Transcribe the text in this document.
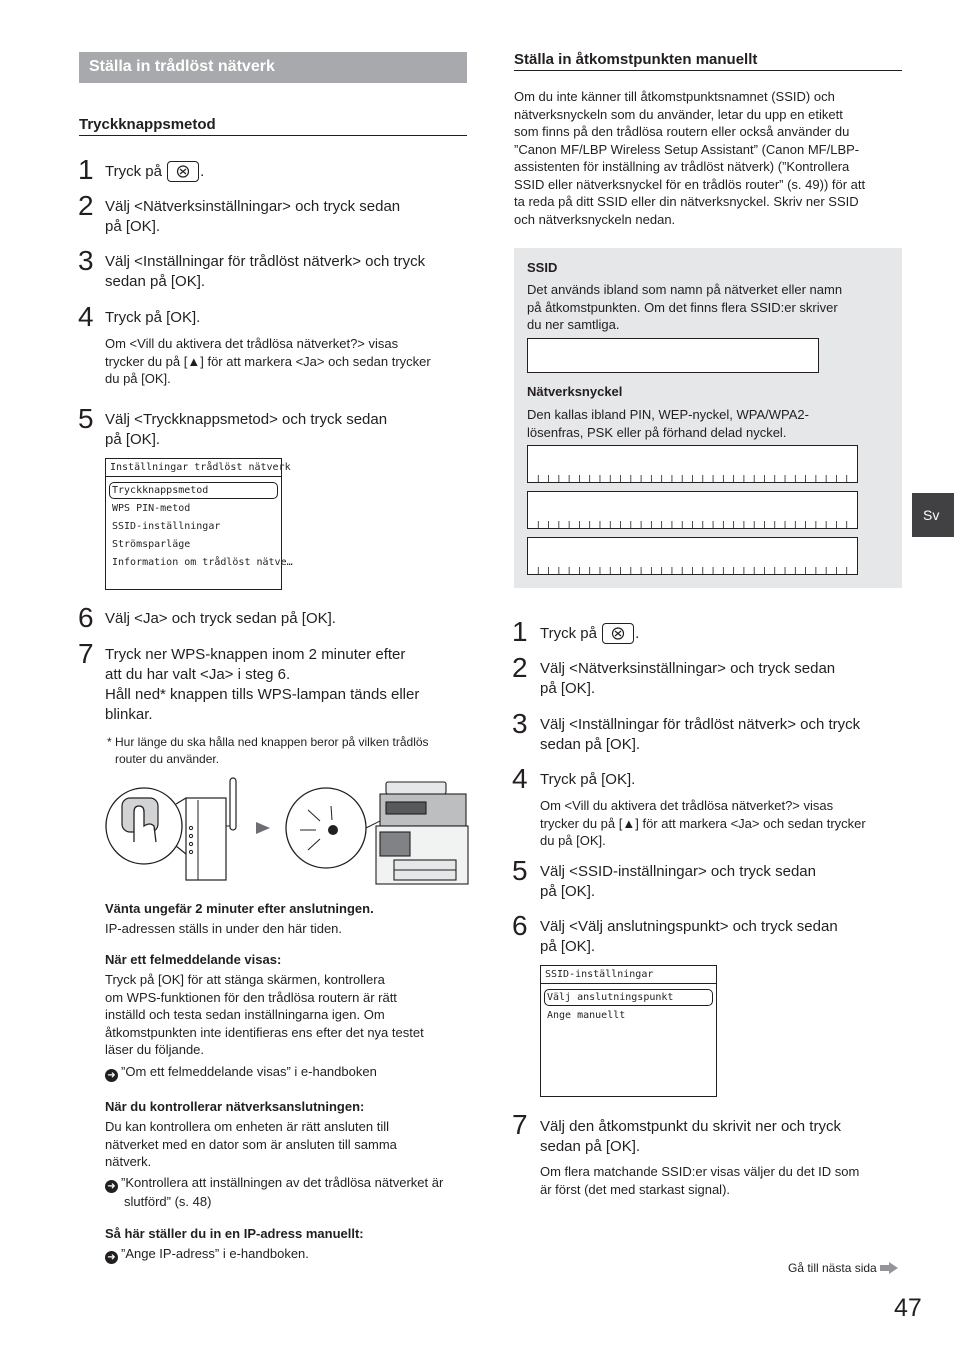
Ställa in trådlöst nätverk
Tryckknappsmetod
1 Tryck på .
2 Välj <Nätverksinställningar> och tryck sedan
på [OK].
3 Välj <Inställningar för trådlöst nätverk> och tryck
sedan på [OK].
4 Tryck på [OK].
Om <Vill du aktivera det trådlösa nätverket?> visas
trycker du på [▲] för att markera <Ja> och sedan trycker
du på [OK].
5 Välj <Tryckknappsmetod> och tryck sedan
på [OK].
Inställningar trådlöst nätverk
Tryckknappsmetod
WPS PIN-metod
SSID-inställningar
Strömsparläge
Information om trådlöst nätve…
6 Välj <Ja> och tryck sedan på [OK].
7 Tryck ner WPS-knappen inom 2 minuter efter
att du har valt <Ja> i steg 6.
Håll ned* knappen tills WPS-lampan tänds eller
blinkar.
* Hur länge du ska hålla ned knappen beror på vilken trådlös
router du använder.
Vänta ungefär 2 minuter efter anslutningen.
IP-adressen ställs in under den här tiden.
När ett felmeddelande visas:
Tryck på [OK] för att stänga skärmen, kontrollera
om WPS-funktionen för den trådlösa routern är rätt
inställd och testa sedan inställningarna igen. Om
åtkomstpunkten inte identifieras ens efter det nya testet
läser du följande.
➜ ”Om ett felmeddelande visas” i e-handboken
När du kontrollerar nätverksanslutningen:
Du kan kontrollera om enheten är rätt ansluten till
nätverket med en dator som är ansluten till samma
nätverk.
➜ ”Kontrollera att inställningen av det trådlösa nätverket är
slutförd” (s. 48)
Så här ställer du in en IP-adress manuellt:
➜ ”Ange IP-adress” i e-handboken.
Ställa in åtkomstpunkten manuellt
Om du inte känner till åtkomstpunktsnamnet (SSID) och
nätverksnyckeln som du använder, letar du upp en etikett
som finns på den trådlösa routern eller också använder du
”Canon MF/LBP Wireless Setup Assistant” (Canon MF/LBP-
assistenten för inställning av trådlöst nätverk) (”Kontrollera
SSID eller nätverksnyckel för en trådlös router” (s. 49)) för att
ta reda på ditt SSID eller din nätverksnyckel. Skriv ner SSID
och nätverksnyckeln nedan.
SSID
Det används ibland som namn på nätverket eller namn
på åtkomstpunkten. Om det finns flera SSID:er skriver
du ner samtliga.
Nätverksnyckel
Den kallas ibland PIN, WEP-nyckel, WPA/WPA2-
lösenfras, PSK eller på förhand delad nyckel.
1 Tryck på .
2 Välj <Nätverksinställningar> och tryck sedan
på [OK].
3 Välj <Inställningar för trådlöst nätverk> och tryck
sedan på [OK].
4 Tryck på [OK].
Om <Vill du aktivera det trådlösa nätverket?> visas
trycker du på [▲] för att markera <Ja> och sedan trycker
du på [OK].
5 Välj <SSID-inställningar> och tryck sedan
på [OK].
6 Välj <Välj anslutningspunkt> och tryck sedan
på [OK].
SSID-inställningar
Välj anslutningspunkt
Ange manuellt
7 Välj den åtkomstpunkt du skrivit ner och tryck
sedan på [OK].
Om flera matchande SSID:er visas väljer du det ID som
är först (det med starkast signal).
Sv
Gå till nästa sida
47
